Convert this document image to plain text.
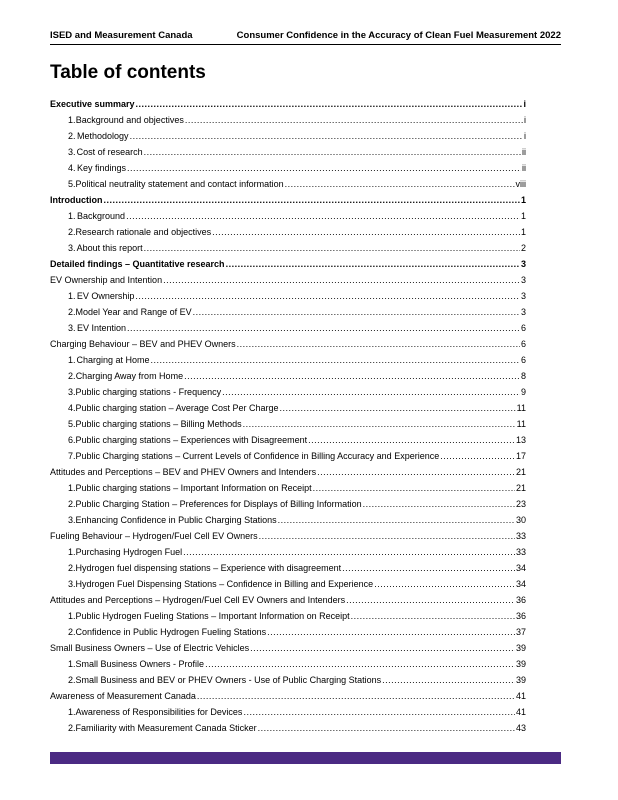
ISED and Measurement Canada	Consumer Confidence in the Accuracy of Clean Fuel Measurement 2022
Table of contents
Executive summary .....	i
1. Background and objectives .....	i
2. Methodology .....	i
3. Cost of research .....	ii
4. Key findings .....	ii
5. Political neutrality statement and contact information .....	viii
Introduction .....	1
1. Background .....	1
2. Research rationale and objectives .....	1
3. About this report .....	2
Detailed findings – Quantitative research .....	3
EV Ownership and Intention .....	3
1. EV Ownership .....	3
2. Model Year and Range of EV .....	3
3. EV Intention .....	6
Charging Behaviour – BEV and PHEV Owners .....	6
1. Charging at Home .....	6
2. Charging Away from Home .....	8
3. Public charging stations - Frequency .....	9
4. Public charging station – Average Cost Per Charge .....	11
5. Public charging stations – Billing Methods .....	11
6. Public charging stations – Experiences with Disagreement .....	13
7. Public Charging stations – Current Levels of Confidence in Billing Accuracy and Experience .....	17
Attitudes and Perceptions – BEV and PHEV Owners and Intenders .....	21
1. Public charging stations – Important Information on Receipt .....	21
2. Public Charging Station – Preferences for Displays of Billing Information .....	23
3. Enhancing Confidence in Public Charging Stations .....	30
Fueling Behaviour – Hydrogen/Fuel Cell EV Owners .....	33
1. Purchasing Hydrogen Fuel .....	33
2. Hydrogen fuel dispensing stations – Experience with disagreement .....	34
3. Hydrogen Fuel Dispensing Stations – Confidence in Billing and Experience .....	34
Attitudes and Perceptions – Hydrogen/Fuel Cell EV Owners and Intenders .....	36
1. Public Hydrogen Fueling Stations – Important Information on Receipt .....	36
2. Confidence in Public Hydrogen Fueling Stations .....	37
Small Business Owners – Use of Electric Vehicles .....	39
1. Small Business Owners - Profile .....	39
2. Small Business and BEV or PHEV Owners - Use of Public Charging Stations .....	39
Awareness of Measurement Canada .....	41
1. Awareness of Responsibilities for Devices .....	41
2. Familiarity with Measurement Canada Sticker .....	43
